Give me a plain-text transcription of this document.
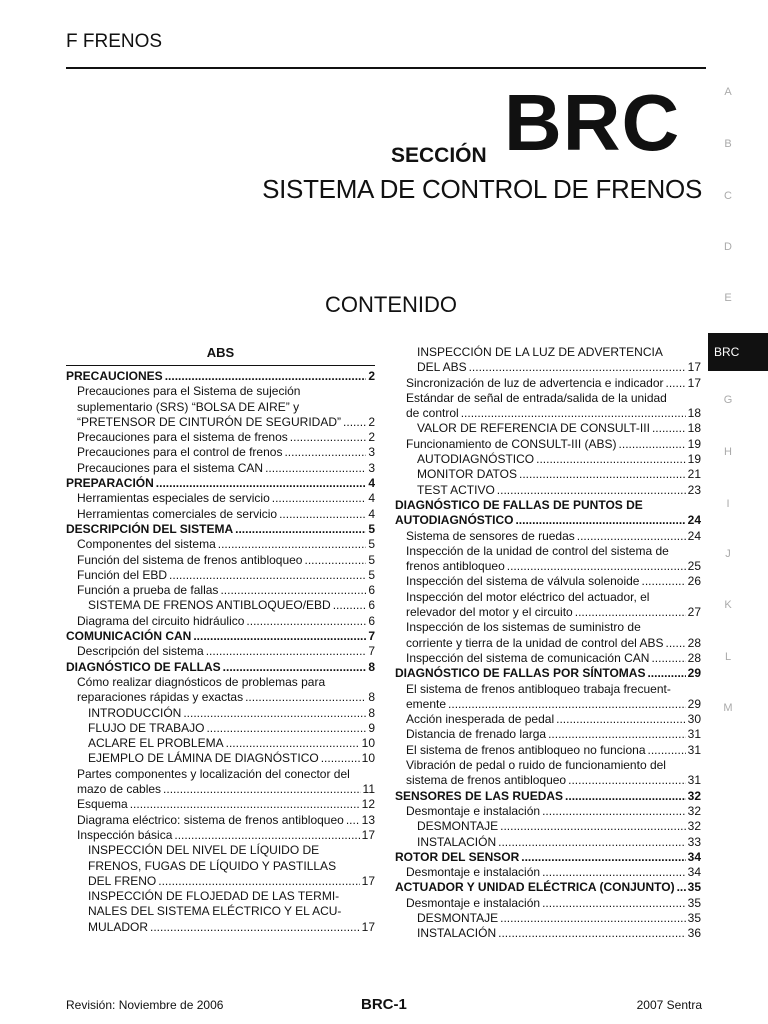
F FRENOS
SECCIÓN BRC
SISTEMA DE CONTROL DE FRENOS
CONTENIDO
A
B
C
D
E
BRC
G
H
I
J
K
L
M
ABS
PRECAUCIONES .....	2
Precauciones para el Sistema de sujeción
suplementario (SRS) “BOLSA DE AIRE” y
“PRETENSOR DE CINTURÓN DE SEGURIDAD” ..... 2
Precauciones para el sistema de frenos .....	2
Precauciones para el control de frenos .....	3
Precauciones para el sistema CAN .....	3
PREPARACIÓN .....	4
Herramientas especiales de servicio .....	4
Herramientas comerciales de servicio .....	4
DESCRIPCIÓN DEL SISTEMA .....	5
Componentes del sistema .....	5
Función del sistema de frenos antibloqueo .....	5
Función del EBD .....	5
Función a prueba de fallas .....	6
SISTEMA DE FRENOS ANTIBLOQUEO/EBD .....	6
Diagrama del circuito hidráulico .....	6
COMUNICACIÓN CAN .....	7
Descripción del sistema .....	7
DIAGNÓSTICO DE FALLAS .....	8
Cómo realizar diagnósticos de problemas para
reparaciones rápidas y exactas .....	8
INTRODUCCIÓN .....	8
FLUJO DE TRABAJO .....	9
ACLARE EL PROBLEMA .....	10
EJEMPLO DE LÁMINA DE DIAGNÓSTICO .....	10
Partes componentes y localización del conector del
mazo de cables .....	11
Esquema .....	12
Diagrama eléctrico: sistema de frenos antibloqueo ..... 13
Inspección básica .....	17
INSPECCIÓN DEL NIVEL DE LÍQUIDO DE
FRENOS, FUGAS DE LÍQUIDO Y PASTILLAS
DEL FRENO .....	17
INSPECCIÓN DE FLOJEDAD DE LAS TERMI-
NALES DEL SISTEMA ELÉCTRICO Y EL ACU-
MULADOR .....	17
INSPECCIÓN DE LA LUZ DE ADVERTENCIA
DEL ABS .....	17
Sincronización de luz de advertencia e indicador ..... 17
Estándar de señal de entrada/salida de la unidad
de control .....	18
VALOR DE REFERENCIA DE CONSULT-III .....	18
Funcionamiento de CONSULT-III (ABS) .....	19
AUTODIAGNÓSTICO .....	19
MONITOR DATOS .....	21
TEST ACTIVO .....	23
DIAGNÓSTICO DE FALLAS DE PUNTOS DE
AUTODIAGNÓSTICO .....	24
Sistema de sensores de ruedas .....	24
Inspección de la unidad de control del sistema de
frenos antibloqueo .....	25
Inspección del sistema de válvula solenoide .....	26
Inspección del motor eléctrico del actuador, el
relevador del motor y el circuito .....	27
Inspección de los sistemas de suministro de
corriente y tierra de la unidad de control del ABS ..... 28
Inspección del sistema de comunicación CAN .....	28
DIAGNÓSTICO DE FALLAS POR SÍNTOMAS .....	29
El sistema de frenos antibloqueo trabaja frecuent-
emente .....	29
Acción inesperada de pedal .....	30
Distancia de frenado larga .....	31
El sistema de frenos antibloqueo no funciona .....	31
Vibración de pedal o ruido de funcionamiento del
sistema de frenos antibloqueo .....	31
SENSORES DE LAS RUEDAS .....	32
Desmontaje e instalación .....	32
DESMONTAJE .....	32
INSTALACIÓN .....	33
ROTOR DEL SENSOR .....	34
Desmontaje e instalación .....	34
ACTUADOR Y UNIDAD ELÉCTRICA (CONJUNTO) ..... 35
Desmontaje e instalación .....	35
DESMONTAJE .....	35
INSTALACIÓN .....	36
Revisión: Noviembre de 2006	BRC-1	2007 Sentra
